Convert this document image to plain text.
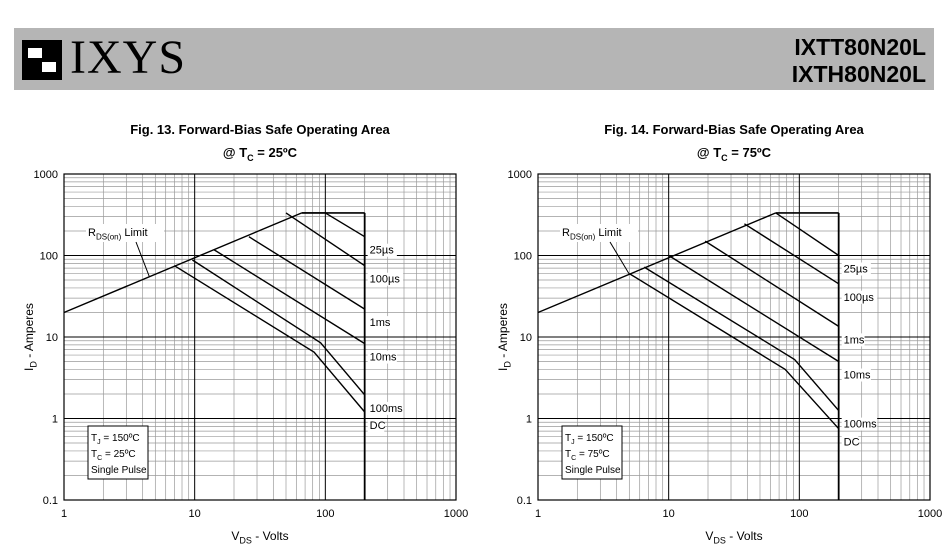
IXYS	IXTT80N20L
IXTH80N20L
Fig. 13. Forward-Bias Safe Operating Area
@ $T_C$ = 25ºC
1	10	100	1000
0.1
1
10
100
1000
$V_{DS}$ - Volts
$I_D$ - Amperes
25µs
100µs
1ms
10ms
100ms
DC
$R_{DS(on)}$ Limit
$T_J$ = 150ºC
$T_C$ = 25ºC
Single Pulse
Fig. 14. Forward-Bias Safe Operating Area
@ $T_C$ = 75ºC
1	10	100	1000
0.1
1
10
100
1000
$V_{DS}$ - Volts
$I_D$ - Amperes
25µs
100µs
1ms
10ms
100ms
DC
$R_{DS(on)}$ Limit
$T_J$ = 150ºC
$T_C$ = 75ºC
Single Pulse
